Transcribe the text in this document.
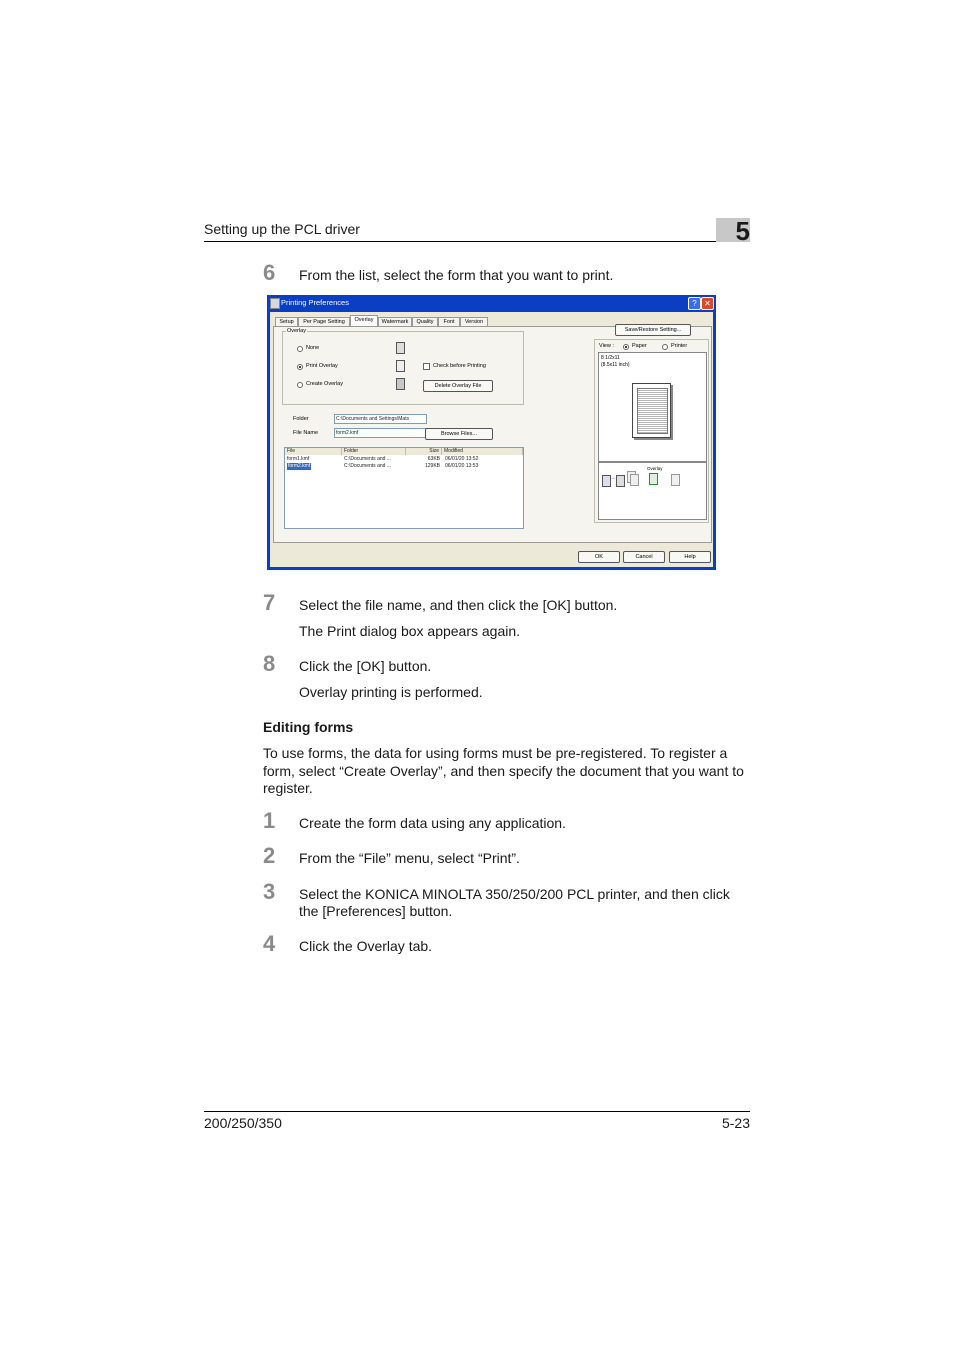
Setting up the PCL driver	5
6 From the list, select the form that you want to print.
Printing Preferences	? ✕
Setup	Per Page Setting	Overlay	Watermark	Quality	Font	Version
Overlay
None
Print Overlay	Check before Printing
Create Overlay	Delete Overlay File
Folder	C:\Documents and Settings\Mats
File Name	form2.kmf	Browse Files...
File	Folder	Size	Modified
form1.kmf	C:\Documents and ...	63KB 06/01/20 13:52
form2.kmf	C:\Documents and ...	129KB 06/01/20 13:53
Save/Restore Setting...
View :	Paper	Printer
8 1/2x11
(8.5x11 inch)
→
Overlay
OK	Cancel	Help
7 Select the file name, and then click the [OK] button.
The Print dialog box appears again.
8 Click the [OK] button.
Overlay printing is performed.
Editing forms
To use forms, the data for using forms must be pre-registered. To register a form, select “Create Overlay”, and then specify the document that you want to register.
1 Create the form data using any application.
2 From the “File” menu, select “Print”.
3 Select the KONICA MINOLTA 350/250/200 PCL printer, and then click the [Preferences] button.
4 Click the Overlay tab.
200/250/350	5-23
